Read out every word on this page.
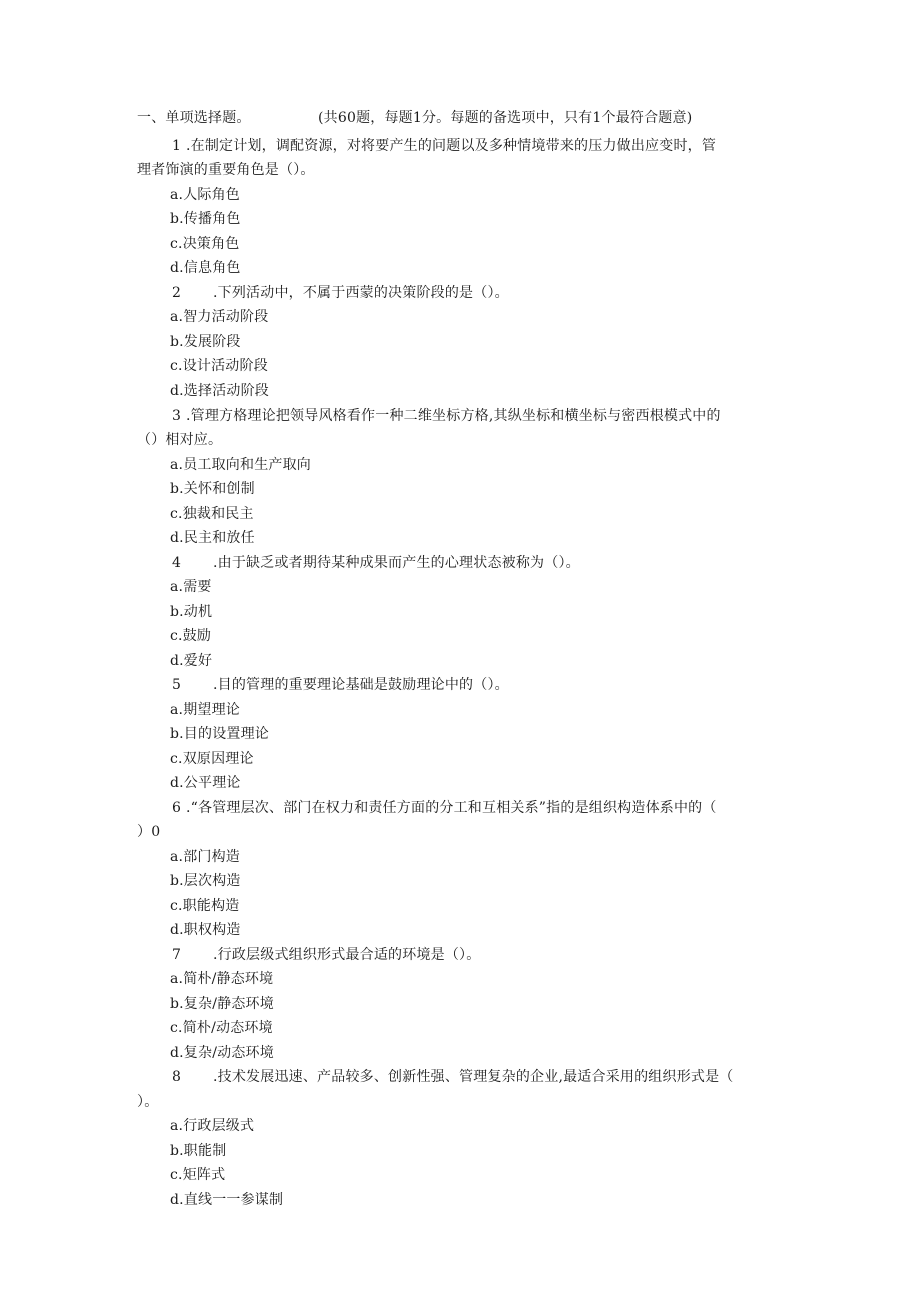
一、单项选择题。	(共60题，每题1分。每题的备选项中，只有1个最符合题意)
1 .在制定计划，调配资源，对将要产生的问题以及多种情境带来的压力做出应变时，管
理者饰演的重要角色是（）。
a.人际角色
b.传播角色
c.决策角色
d.信息角色
2 .下列活动中，不属于西蒙的决策阶段的是（）。
a.智力活动阶段
b.发展阶段
c.设计活动阶段
d.选择活动阶段
3 .管理方格理论把领导风格看作一种二维坐标方格,其纵坐标和横坐标与密西根模式中的
（）相对应。
a.员工取向和生产取向
b.关怀和创制
c.独裁和民主
d.民主和放任
4 .由于缺乏或者期待某种成果而产生的心理状态被称为（）。
a.需要
b.动机
c.鼓励
d.爱好
5 .目的管理的重要理论基础是鼓励理论中的（）。
a.期望理论
b.目的设置理论
c.双原因理论
d.公平理论
6 .“各管理层次、部门在权力和责任方面的分工和互相关系”指的是组织构造体系中的（
）0
a.部门构造
b.层次构造
c.职能构造
d.职权构造
7 .行政层级式组织形式最合适的环境是（）。
a.简朴/静态环境
b.复杂/静态环境
c.简朴/动态环境
d.复杂/动态环境
8 .技术发展迅速、产品较多、创新性强、管理复杂的企业,最适合采用的组织形式是（
）。
a.行政层级式
b.职能制
c.矩阵式
d.直线一一参谋制
